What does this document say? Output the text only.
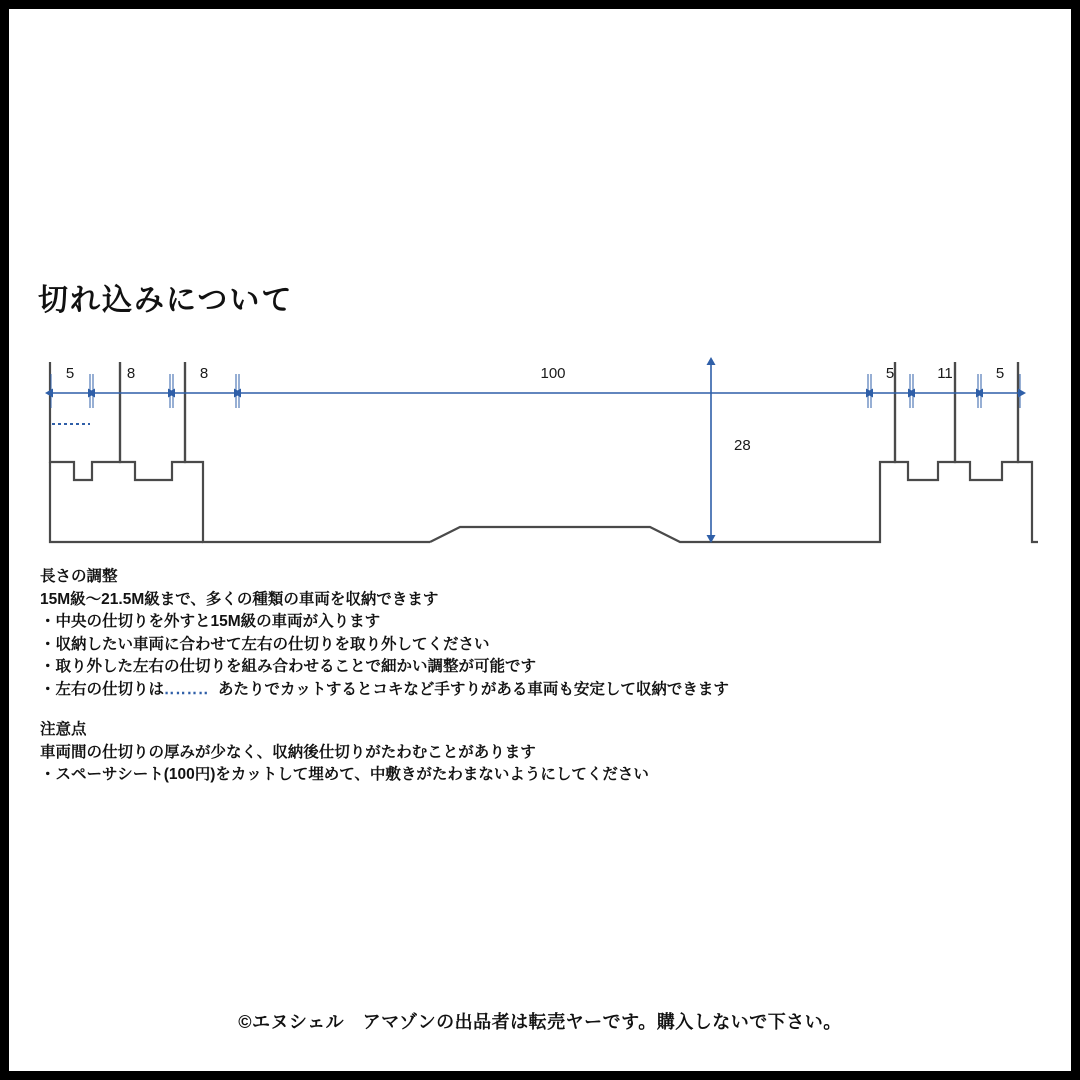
切れ込みについて
5	8	8	100	5	11	5
28
長さの調整
15M級〜21.5M級まで、多くの種類の車両を収納できます
・中央の仕切りを外すと15M級の車両が入ります
・収納したい車両に合わせて左右の仕切りを取り外してください
・取り外した左右の仕切りを組み合わせることで細かい調整が可能です
・左右の仕切りは‥‥‥‥ あたりでカットするとコキなど手すりがある車両も安定して収納できます
注意点
車両間の仕切りの厚みが少なく、収納後仕切りがたわむことがあります
・スペーサシート(100円)をカットして埋めて、中敷きがたわまないようにしてください
©エヌシェル　アマゾンの出品者は転売ヤーです。購入しないで下さい。
